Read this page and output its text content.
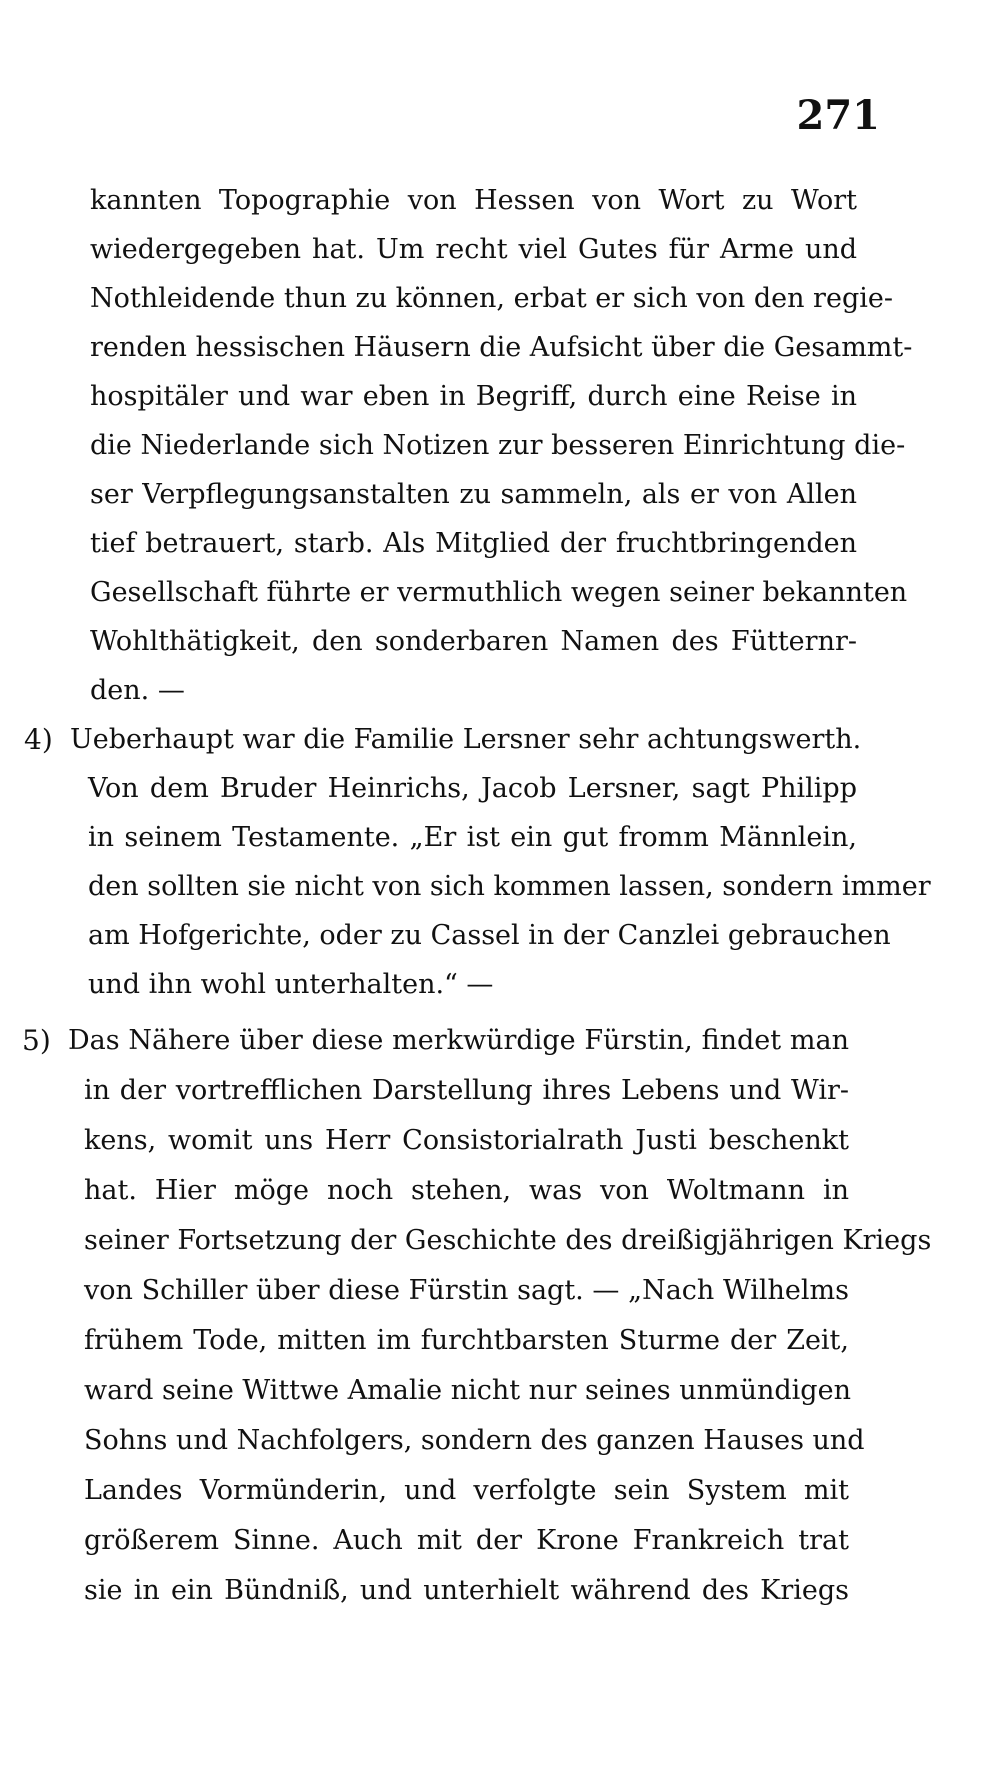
271
kannten Topographie von Hessen von Wort zu Wort
wiedergegeben hat. Um recht viel Gutes für Arme und
Nothleidende thun zu können, erbat er sich von den regie-
renden hessischen Häusern die Aufsicht über die Gesammt-
hospitäler und war eben in Begriff, durch eine Reise in
die Niederlande sich Notizen zur besseren Einrichtung die-
ser Verpflegungsanstalten zu sammeln, als er von Allen
tief betrauert, starb. Als Mitglied der fruchtbringenden
Gesellschaft führte er vermuthlich wegen seiner bekannten
Wohlthätigkeit, den sonderbaren Namen des Fütternr-
den. —
4) Ueberhaupt war die Familie Lersner sehr achtungswerth.
Von dem Bruder Heinrichs, Jacob Lersner, sagt Philipp
in seinem Testamente. „Er ist ein gut fromm Männlein,
den sollten sie nicht von sich kommen lassen, sondern immer
am Hofgerichte, oder zu Cassel in der Canzlei gebrauchen
und ihn wohl unterhalten.“ —
5) Das Nähere über diese merkwürdige Fürstin, findet man
in der vortrefflichen Darstellung ihres Lebens und Wir-
kens, womit uns Herr Consistorialrath Justi beschenkt
hat. Hier möge noch stehen, was von Woltmann in
seiner Fortsetzung der Geschichte des dreißigjährigen Kriegs
von Schiller über diese Fürstin sagt. — „Nach Wilhelms
frühem Tode, mitten im furchtbarsten Sturme der Zeit,
ward seine Wittwe Amalie nicht nur seines unmündigen
Sohns und Nachfolgers, sondern des ganzen Hauses und
Landes Vormünderin, und verfolgte sein System mit
größerem Sinne. Auch mit der Krone Frankreich trat
sie in ein Bündniß, und unterhielt während des Kriegs
